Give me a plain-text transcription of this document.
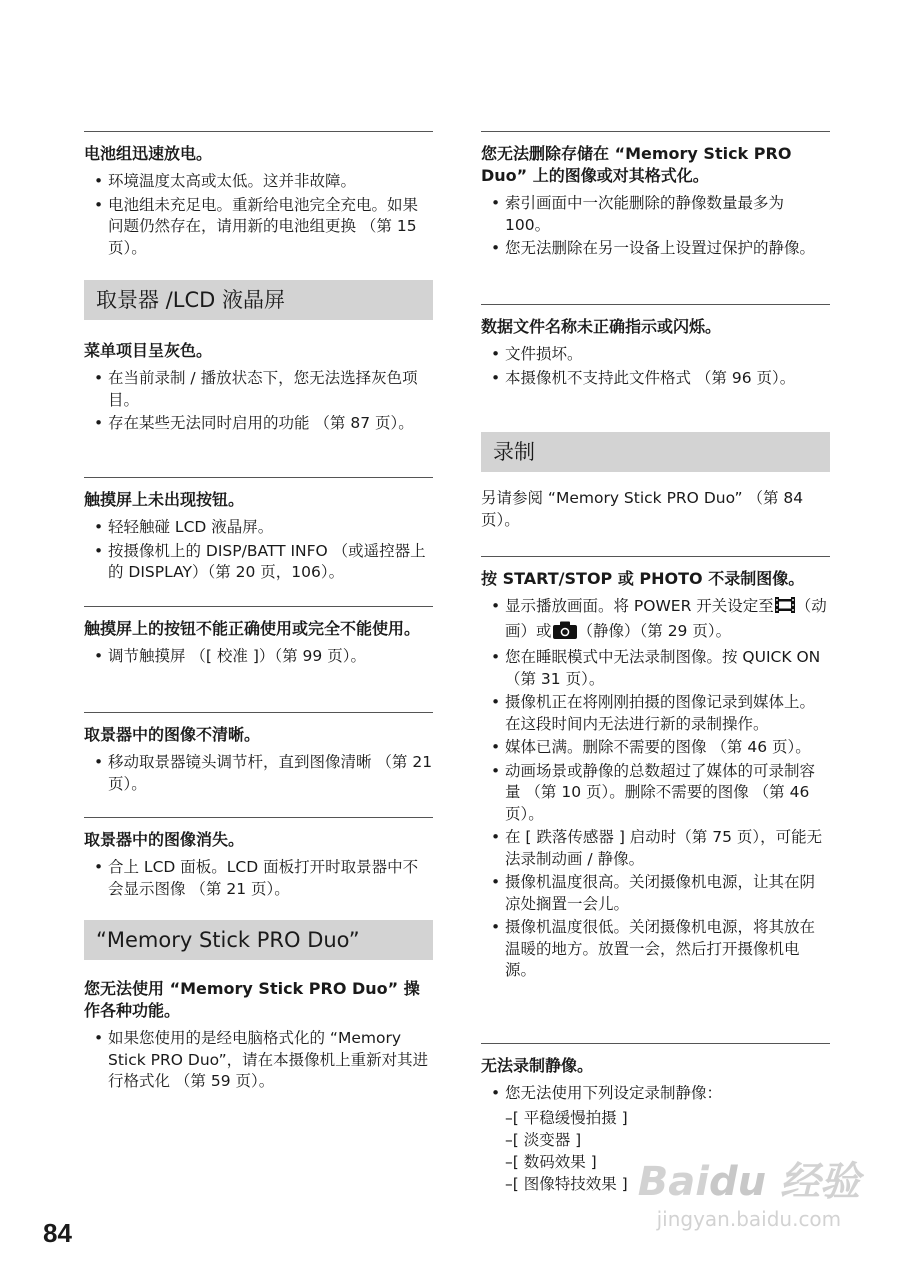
电池组迅速放电。
• 环境温度太高或太低。这并非故障。
• 电池组未充足电。重新给电池完全充电。如果问题仍然存在，请用新的电池组更换 （第 15 页）。
取景器 /LCD 液晶屏
菜单项目呈灰色。
• 在当前录制 / 播放状态下，您无法选择灰色项目。
• 存在某些无法同时启用的功能 （第 87 页）。
触摸屏上未出现按钮。
• 轻轻触碰 LCD 液晶屏。
• 按摄像机上的 DISP/BATT INFO （或遥控器上的 DISPLAY）（第 20 页，106）。
触摸屏上的按钮不能正确使用或完全不能使用。
• 调节触摸屏 （[ 校准 ]）（第 99 页）。
取景器中的图像不清晰。
• 移动取景器镜头调节杆，直到图像清晰 （第 21 页）。
取景器中的图像消失。
• 合上 LCD 面板。LCD 面板打开时取景器中不会显示图像 （第 21 页）。
“Memory Stick PRO Duo”
您无法使用 “Memory Stick PRO Duo” 操作各种功能。
• 如果您使用的是经电脑格式化的 “Memory Stick PRO Duo”，请在本摄像机上重新对其进行格式化 （第 59 页）。
您无法删除存储在 “Memory Stick PRO Duo” 上的图像或对其格式化。
• 索引画面中一次能删除的静像数量最多为 100。
• 您无法删除在另一设备上设置过保护的静像。
数据文件名称未正确指示或闪烁。
• 文件损坏。
• 本摄像机不支持此文件格式 （第 96 页）。
录制
另请参阅 “Memory Stick PRO Duo” （第 84 页）。
按 START/STOP 或 PHOTO 不录制图像。
• 显示播放画面。将 POWER 开关设定至 （动画）或 （静像）（第 29 页）。
• 您在睡眠模式中无法录制图像。按 QUICK ON （第 31 页）。
• 摄像机正在将刚刚拍摄的图像记录到媒体上。在这段时间内无法进行新的录制操作。
• 媒体已满。删除不需要的图像 （第 46 页）。
• 动画场景或静像的总数超过了媒体的可录制容量 （第 10 页）。删除不需要的图像 （第 46 页）。
• 在 [ 跌落传感器 ] 启动时（第 75 页），可能无法录制动画 / 静像。
• 摄像机温度很高。关闭摄像机电源，让其在阴凉处搁置一会儿。
• 摄像机温度很低。关闭摄像机电源，将其放在温暖的地方。放置一会，然后打开摄像机电源。
无法录制静像。
• 您无法使用下列设定录制静像：
–[ 平稳缓慢拍摄 ]
–[ 淡变器 ]
–[ 数码效果 ]
–[ 图像特技效果 ]
84
Baidu 经验
jingyan.baidu.com
